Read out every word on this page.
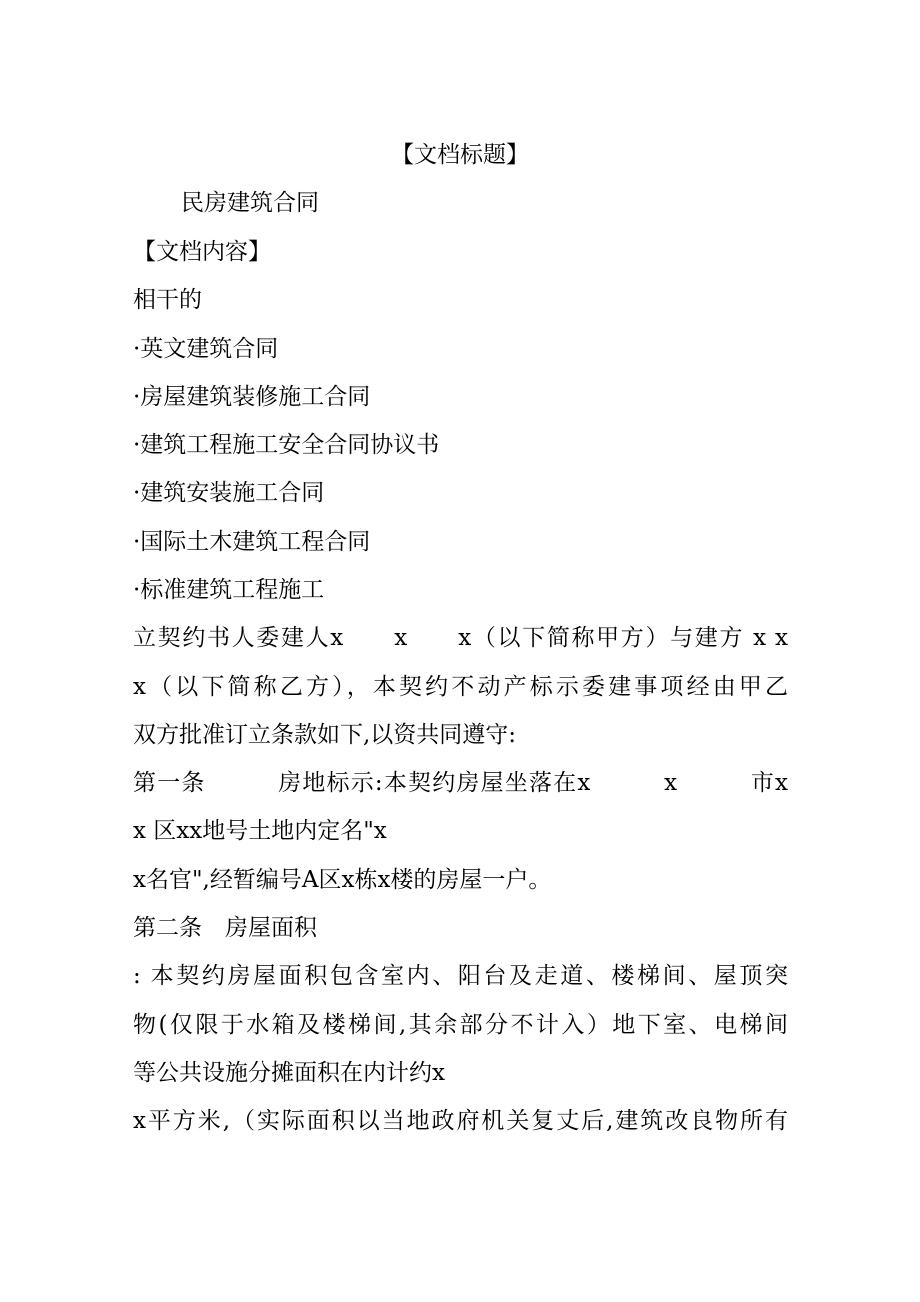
【文档标题】
民房建筑合同
【文档内容】
相干的
·英文建筑合同
·房屋建筑装修施工合同
·建筑工程施工安全合同协议书
·建筑安装施工合同
·国际土木建筑工程合同
·标准建筑工程施工
立契约书人委建人x　　x　　x（以下简称甲方）与建方 x x
x（以下简称乙方），本契约不动产标示委建事项经由甲乙
双方批准订立条款如下,以资共同遵守:
第一条　　　房地标示:本契约房屋坐落在x　　　x　　　市x
x 区xx地号土地内定名"x
x名官",经暂编号A区x栋x楼的房屋一户。
第二条　房屋面积
: 本契约房屋面积包含室内、阳台及走道、楼梯间、屋顶突
物(仅限于水箱及楼梯间,其余部分不计入）地下室、电梯间
等公共设施分摊面积在内计约x
x平方米,（实际面积以当地政府机关复丈后,建筑改良物所有
